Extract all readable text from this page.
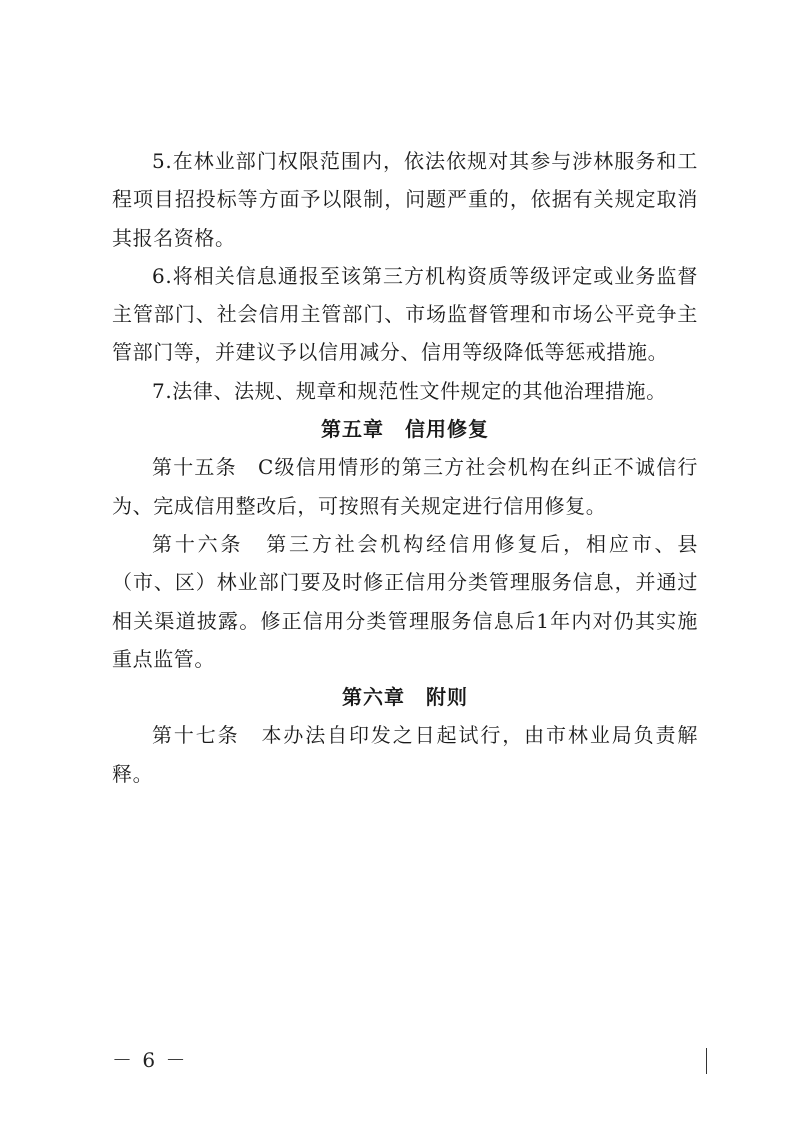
5.在林业部门权限范围内，依法依规对其参与涉林服务和工程项目招投标等方面予以限制，问题严重的，依据有关规定取消其报名资格。

6.将相关信息通报至该第三方机构资质等级评定或业务监督主管部门、社会信用主管部门、市场监督管理和市场公平竞争主管部门等，并建议予以信用减分、信用等级降低等惩戒措施。

7.法律、法规、规章和规范性文件规定的其他治理措施。

第五章　信用修复

第十五条　C级信用情形的第三方社会机构在纠正不诚信行为、完成信用整改后，可按照有关规定进行信用修复。

第十六条　第三方社会机构经信用修复后，相应市、县（市、区）林业部门要及时修正信用分类管理服务信息，并通过相关渠道披露。修正信用分类管理服务信息后1年内对仍其实施重点监管。

第六章　附则

第十七条　本办法自印发之日起试行，由市林业局负责解释。

－ 6 －
